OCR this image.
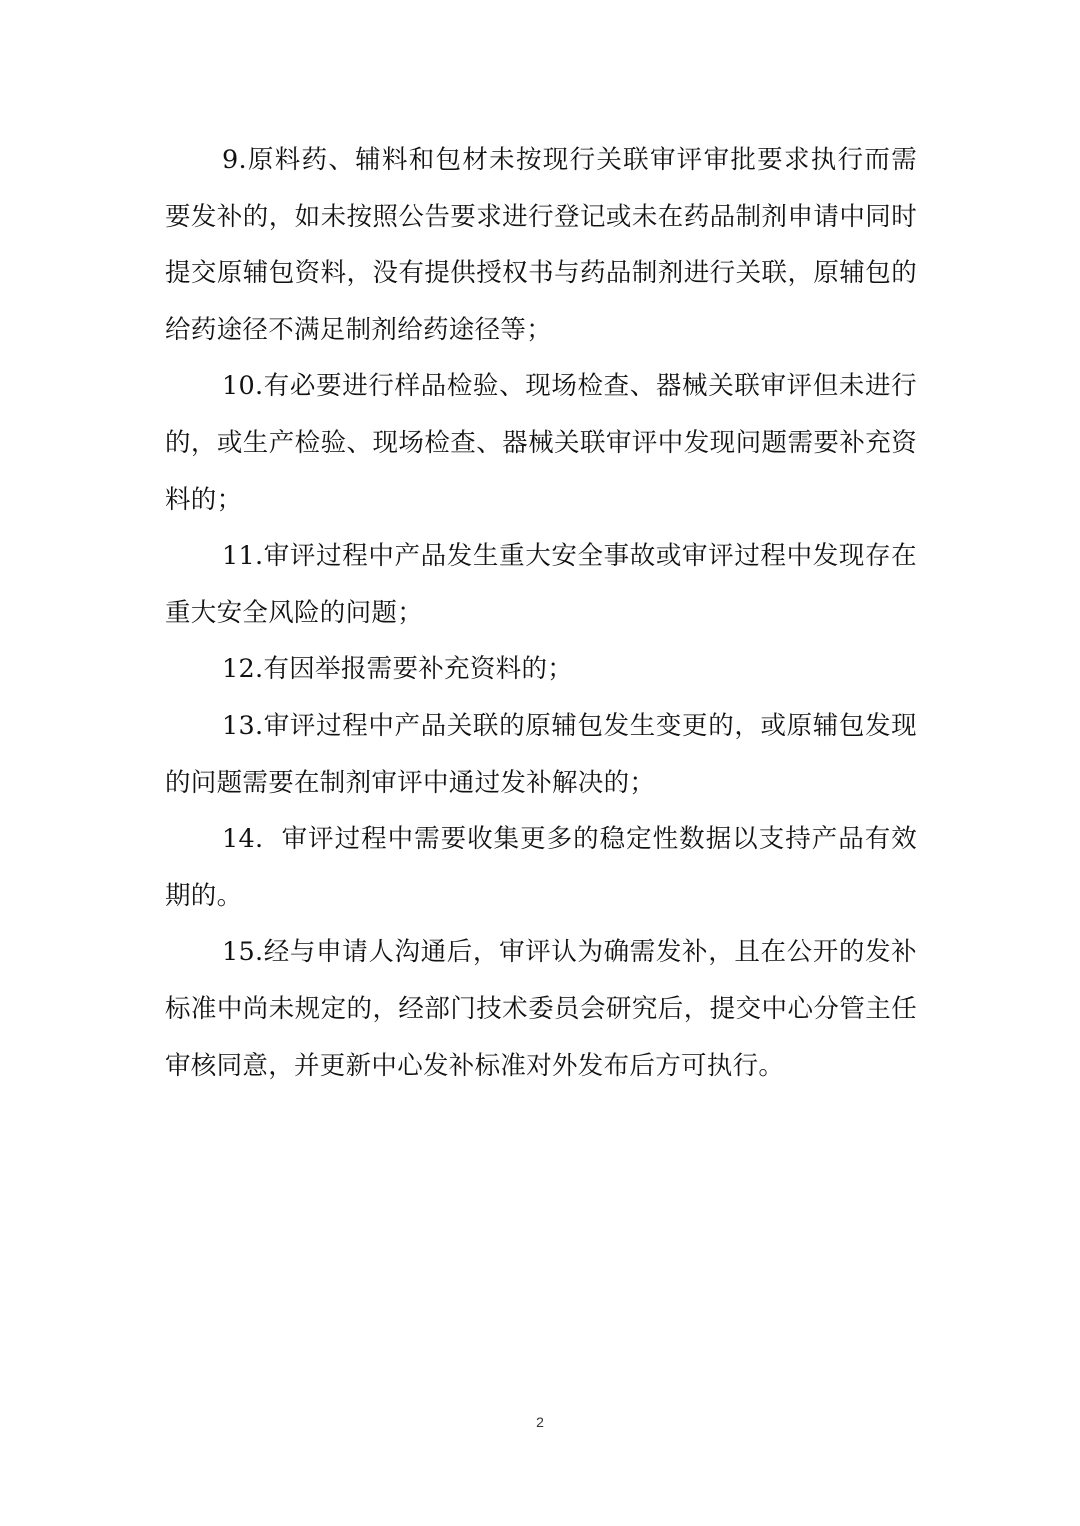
9.原料药、辅料和包材未按现行关联审评审批要求执行而需要发补的，如未按照公告要求进行登记或未在药品制剂申请中同时提交原辅包资料，没有提供授权书与药品制剂进行关联，原辅包的给药途径不满足制剂给药途径等；

10.有必要进行样品检验、现场检查、器械关联审评但未进行的，或生产检验、现场检查、器械关联审评中发现问题需要补充资料的；

11.审评过程中产品发生重大安全事故或审评过程中发现存在重大安全风险的问题；

12.有因举报需要补充资料的；

13.审评过程中产品关联的原辅包发生变更的，或原辅包发现的问题需要在制剂审评中通过发补解决的；

14.  审评过程中需要收集更多的稳定性数据以支持产品有效期的。

15.经与申请人沟通后，审评认为确需发补，且在公开的发补标准中尚未规定的，经部门技术委员会研究后，提交中心分管主任审核同意，并更新中心发补标准对外发布后方可执行。

2
